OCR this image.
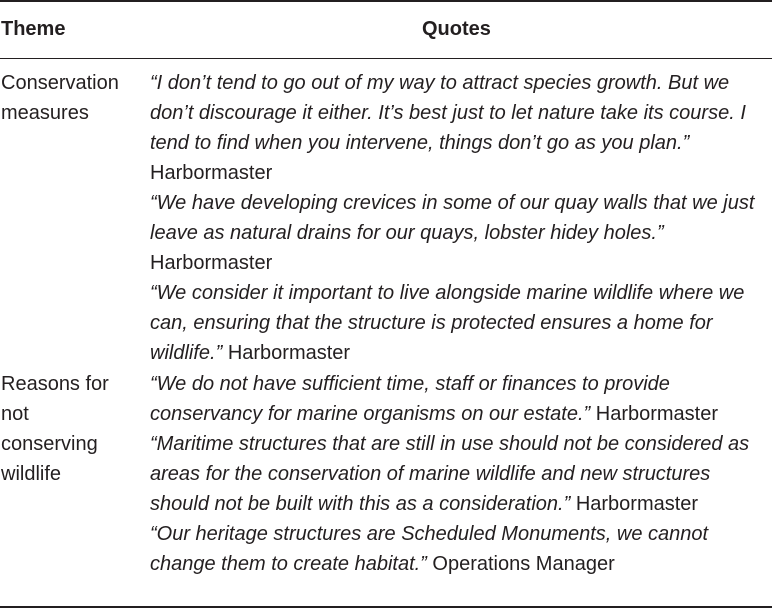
Theme	Quotes
Conservation
measures
“I don’t tend to go out of my way to attract species growth. But we don’t discourage it either. It’s best just to let nature take its course. I tend to find when you intervene, things don’t go as you plan.” Harbormaster
“We have developing crevices in some of our quay walls that we just leave as natural drains for our quays, lobster hidey holes.” Harbormaster
“We consider it important to live alongside marine wildlife where we can, ensuring that the structure is protected ensures a home for wildlife.” Harbormaster
Reasons for
not
conserving
wildlife
“We do not have sufficient time, staff or finances to provide conservancy for marine organisms on our estate.” Harbormaster
“Maritime structures that are still in use should not be considered as areas for the conservation of marine wildlife and new structures should not be built with this as a consideration.” Harbormaster
“Our heritage structures are Scheduled Monuments, we cannot change them to create habitat.” Operations Manager
